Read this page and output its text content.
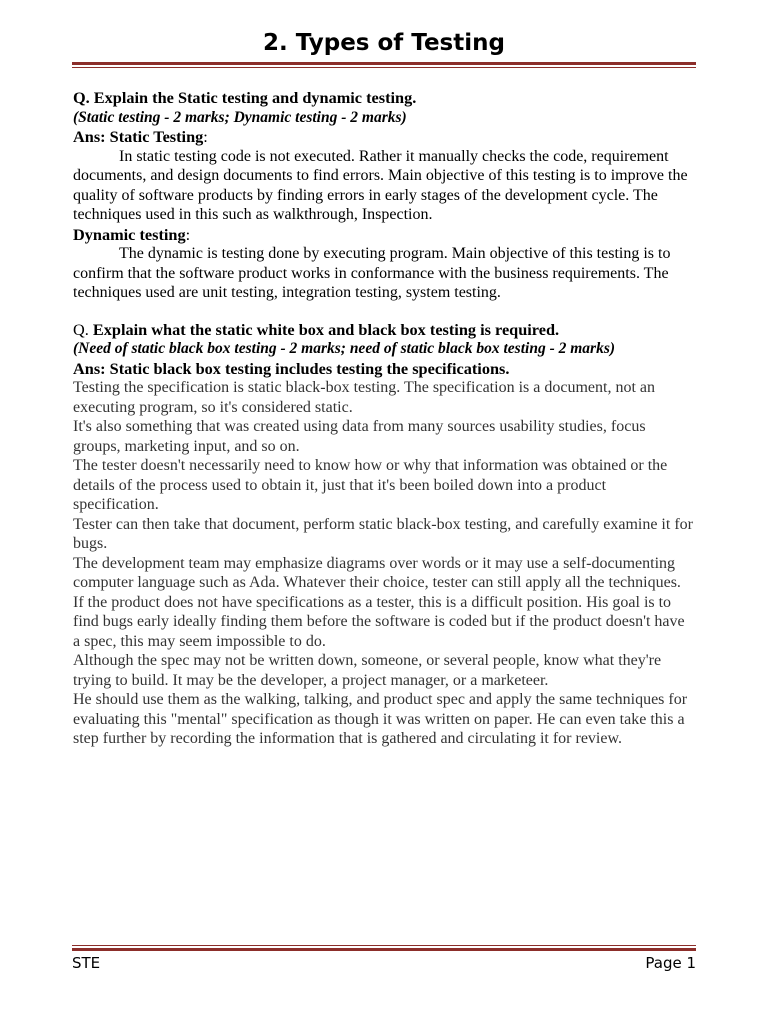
2. Types of Testing
Q. Explain the Static testing and dynamic testing.
(Static testing - 2 marks; Dynamic testing - 2 marks)
Ans: Static Testing:
In static testing code is not executed. Rather it manually checks the code, requirement documents, and design documents to find errors. Main objective of this testing is to improve the quality of software products by finding errors in early stages of the development cycle. The techniques used in this such as walkthrough, Inspection.
Dynamic testing:
The dynamic is testing done by executing program. Main objective of this testing is to confirm that the software product works in conformance with the business requirements. The techniques used are unit testing, integration testing, system testing.
Q. Explain what the static white box and black box testing is required.
(Need of static black box testing - 2 marks; need of static black box testing - 2 marks)
Ans: Static black box testing includes testing the specifications.
Testing the specification is static black-box testing. The specification is a document, not an executing program, so it's considered static.
It's also something that was created using data from many sources usability studies, focus groups, marketing input, and so on.
The tester doesn't necessarily need to know how or why that information was obtained or the details of the process used to obtain it, just that it's been boiled down into a product specification.
Tester can then take that document, perform static black-box testing, and carefully examine it for bugs.
The development team may emphasize diagrams over words or it may use a self-documenting computer language such as Ada. Whatever their choice, tester can still apply all the techniques.
If the product does not have specifications as a tester, this is a difficult position. His goal is to find bugs early ideally finding them before the software is coded but if the product doesn't have a spec, this may seem impossible to do.
Although the spec may not be written down, someone, or several people, know what they're trying to build. It may be the developer, a project manager, or a marketeer.
He should use them as the walking, talking, and product spec and apply the same techniques for evaluating this "mental" specification as though it was written on paper. He can even take this a step further by recording the information that is gathered and circulating it for review.
STE	Page 1
